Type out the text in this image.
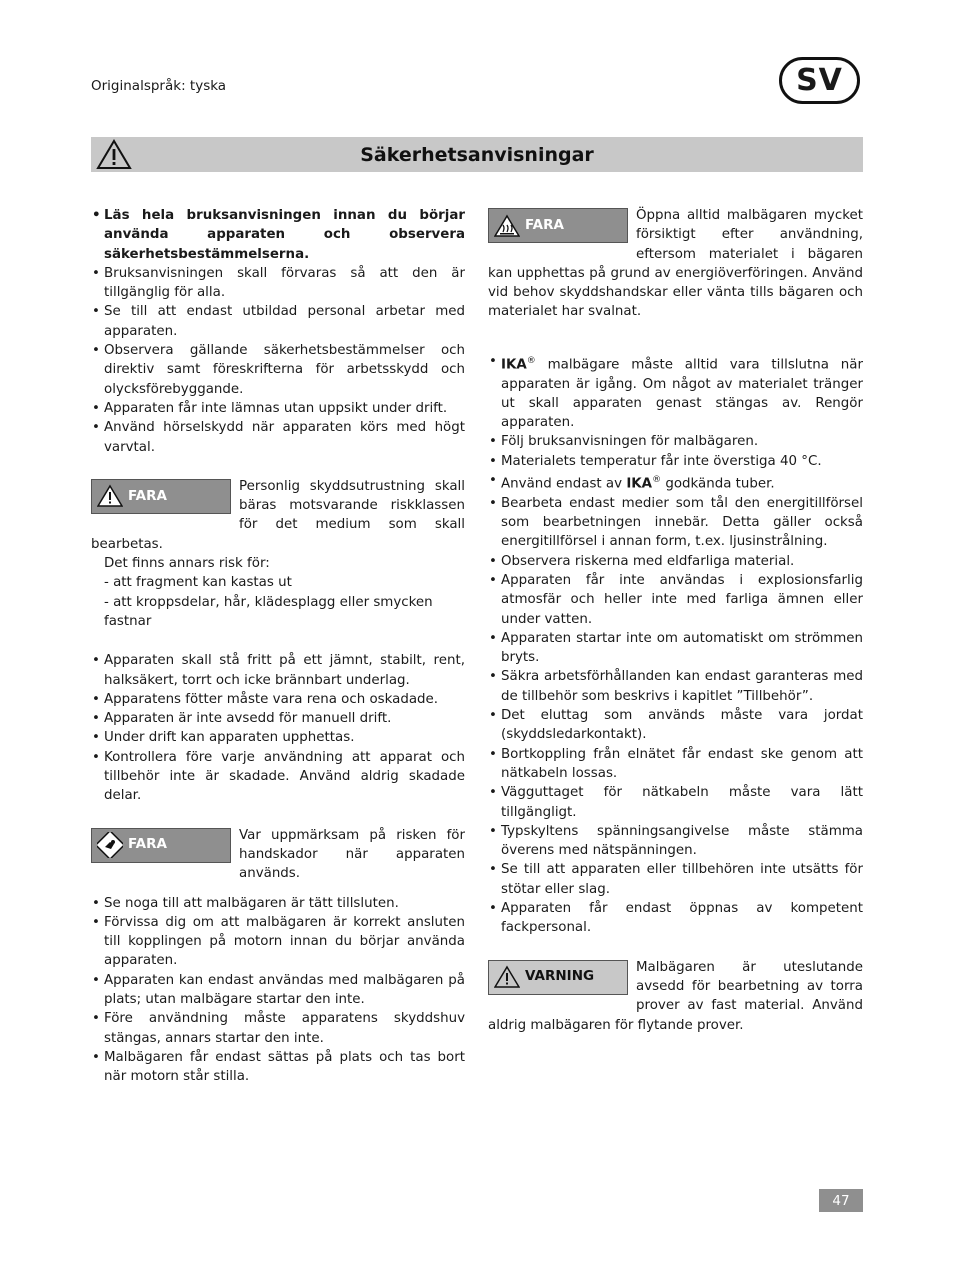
Originalspråk: tyska	SV
Säkerhetsanvisningar
• Läs hela bruksanvisningen innan du börjar använda apparaten och observera säkerhetsbestämmelserna.
• Bruksanvisningen skall förvaras så att den är tillgänglig för alla.
• Se till att endast utbildad personal arbetar med apparaten.
• Observera gällande säkerhetsbestämmelser och direktiv samt föreskrifterna för arbetsskydd och olycksförebyggande.
• Apparaten får inte lämnas utan uppsikt under drift.
• Använd hörselskydd när apparaten körs med högt varvtal.
FARA

Personlig skyddsutrustning skall bäras motsvarande riskklassen för det medium som skall bearbetas.

Det finns annars risk för:
- att fragment kan kastas ut
- att kroppsdelar, hår, klädesplagg eller smycken fastnar
• Apparaten skall stå fritt på ett jämnt, stabilt, rent, halksäkert, torrt och icke brännbart underlag.
• Apparatens fötter måste vara rena och oskadade.
• Apparaten är inte avsedd för manuell drift.
• Under drift kan apparaten upphettas.
• Kontrollera före varje användning att apparat och tillbehör inte är skadade. Använd aldrig skadade delar.
FARA

Var uppmärksam på risken för handskador när apparaten används.

• Se noga till att malbägaren är tätt tillsluten.
• Förvissa dig om att malbägaren är korrekt ansluten till kopplingen på motorn innan du börjar använda apparaten.
• Apparaten kan endast användas med malbägaren på plats; utan malbägare startar den inte.
• Före användning måste apparatens skyddshuv stängas, annars startar den inte.
• Malbägaren får endast sättas på plats och tas bort när motorn står stilla.
FARA

Öppna alltid malbägaren mycket försiktigt efter användning, eftersom materialet i bägaren kan upphettas på grund av energiöverföringen. Använd vid behov skyddshandskar eller vänta tills bägaren och materialet har svalnat.

• IKA® malbägare måste alltid vara tillslutna när apparaten är igång. Om något av materialet tränger ut skall apparaten genast stängas av. Rengör apparaten.
• Följ bruksanvisningen för malbägaren.
• Materialets temperatur får inte överstiga 40 °C.
• Använd endast av IKA® godkända tuber.
• Bearbeta endast medier som tål den energitillförsel som bearbetningen innebär. Detta gäller också energitillförsel i annan form, t.ex. ljusinstrålning.
• Observera riskerna med eldfarliga material.
• Apparaten får inte användas i explosionsfarlig atmosfär och heller inte med farliga ämnen eller under vatten.
• Apparaten startar inte om automatiskt om strömmen bryts.
• Säkra arbetsförhållanden kan endast garanteras med de tillbehör som beskrivs i kapitlet ”Tillbehör”.
• Det eluttag som används måste vara jordat (skyddsledarkontakt).
• Bortkoppling från elnätet får endast ske genom att nätkabeln lossas.
• Vägguttaget för nätkabeln måste vara lätt tillgängligt.
• Typskyltens spänningsangivelse måste stämma överens med nätspänningen.
• Se till att apparaten eller tillbehören inte utsätts för stötar eller slag.
• Apparaten får endast öppnas av kompetent fackpersonal.
VARNING

Malbägaren är uteslutande avsedd för bearbetning av torra prover av fast material. Använd aldrig malbägaren för flytande prover.

47
